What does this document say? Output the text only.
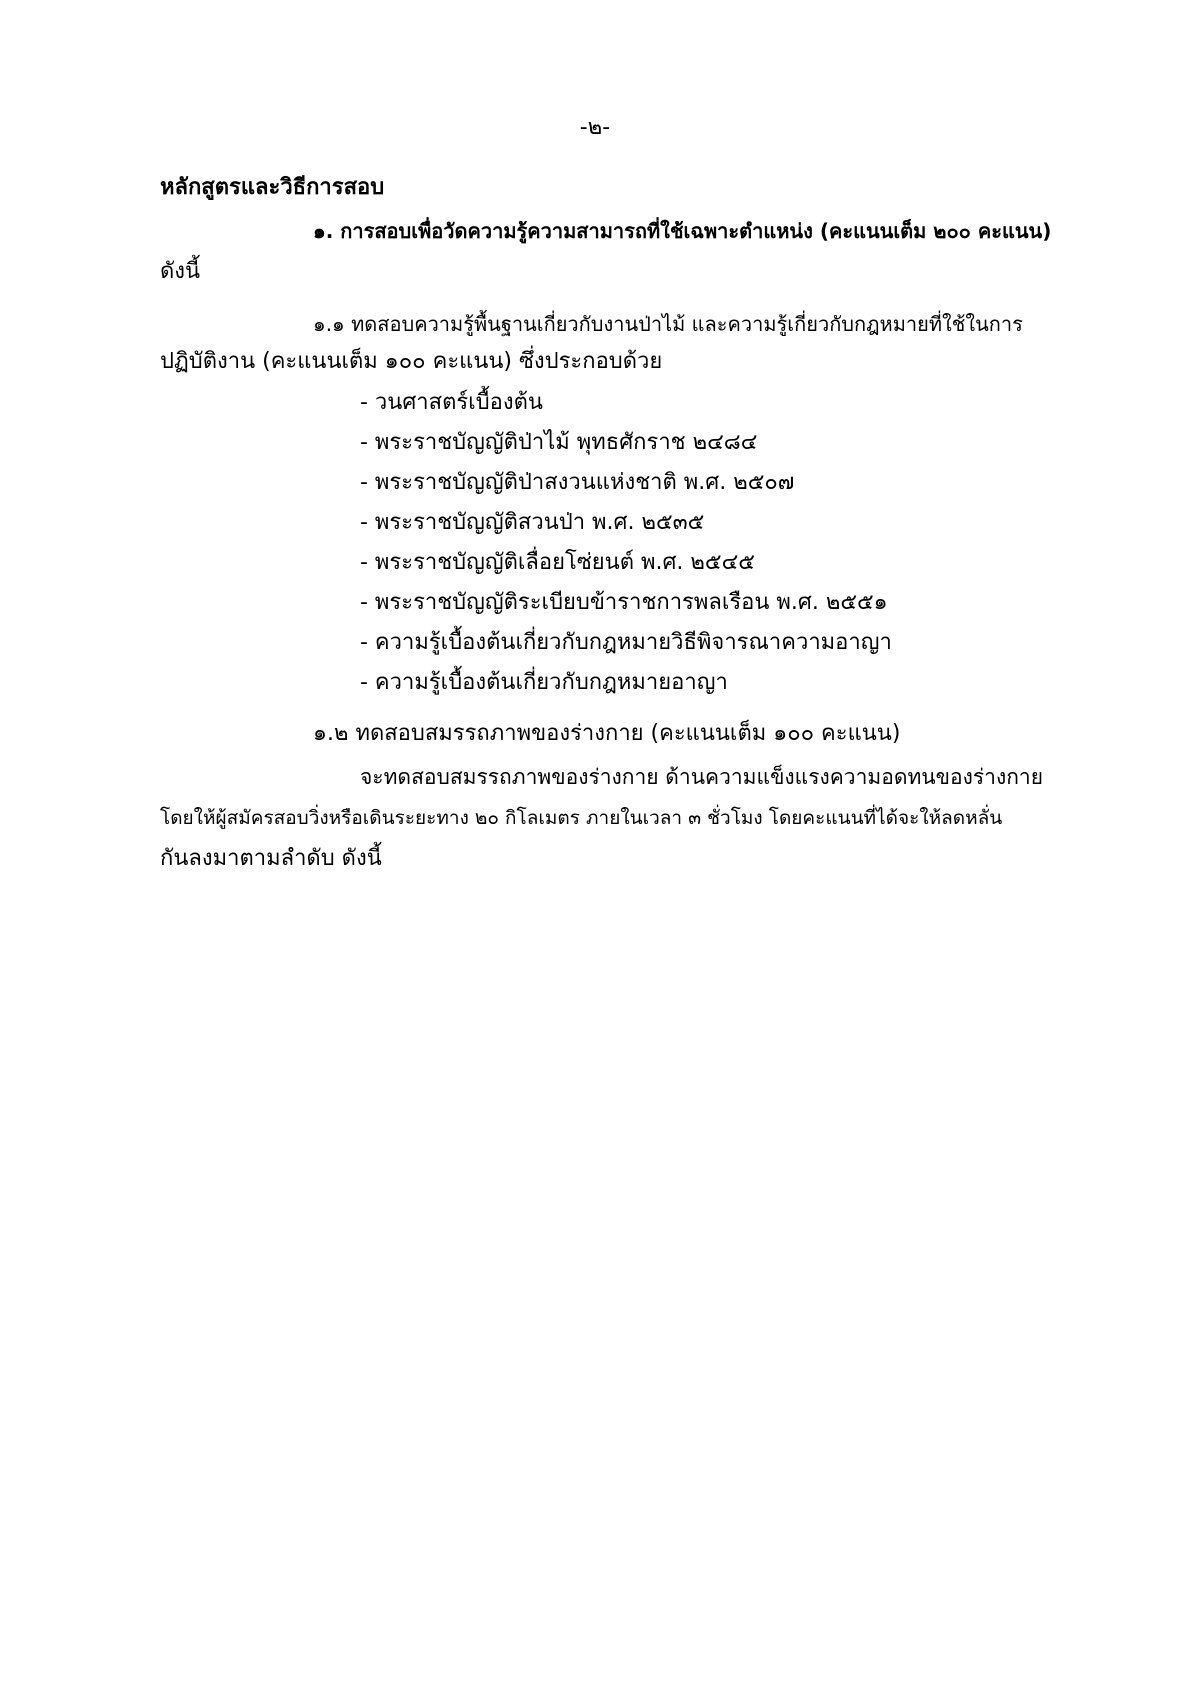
-๒-
หลักสูตรและวิธีการสอบ
๑. การสอบเพื่อวัดความรู้ความสามารถที่ใช้เฉพาะตำแหน่ง (คะแนนเต็ม ๒๐๐ คะแนน)
ดังนี้
๑.๑ ทดสอบความรู้พื้นฐานเกี่ยวกับงานป่าไม้ และความรู้เกี่ยวกับกฎหมายที่ใช้ในการ
ปฏิบัติงาน (คะแนนเต็ม ๑๐๐ คะแนน) ซึ่งประกอบด้วย
- วนศาสตร์เบื้องต้น
- พระราชบัญญัติป่าไม้ พุทธศักราช ๒๔๘๔
- พระราชบัญญัติป่าสงวนแห่งชาติ พ.ศ. ๒๕๐๗
- พระราชบัญญัติสวนป่า พ.ศ. ๒๕๓๕
- พระราชบัญญัติเลื่อยโซ่ยนต์ พ.ศ. ๒๕๔๕
- พระราชบัญญัติระเบียบข้าราชการพลเรือน พ.ศ. ๒๕๕๑
- ความรู้เบื้องต้นเกี่ยวกับกฎหมายวิธีพิจารณาความอาญา
- ความรู้เบื้องต้นเกี่ยวกับกฎหมายอาญา
๑.๒ ทดสอบสมรรถภาพของร่างกาย (คะแนนเต็ม ๑๐๐ คะแนน)
จะทดสอบสมรรถภาพของร่างกาย ด้านความแข็งแรงความอดทนของร่างกาย
โดยให้ผู้สมัครสอบวิ่งหรือเดินระยะทาง ๒๐ กิโลเมตร ภายในเวลา ๓ ชั่วโมง โดยคะแนนที่ได้จะให้ลดหลั่น
กันลงมาตามลำดับ ดังนี้
